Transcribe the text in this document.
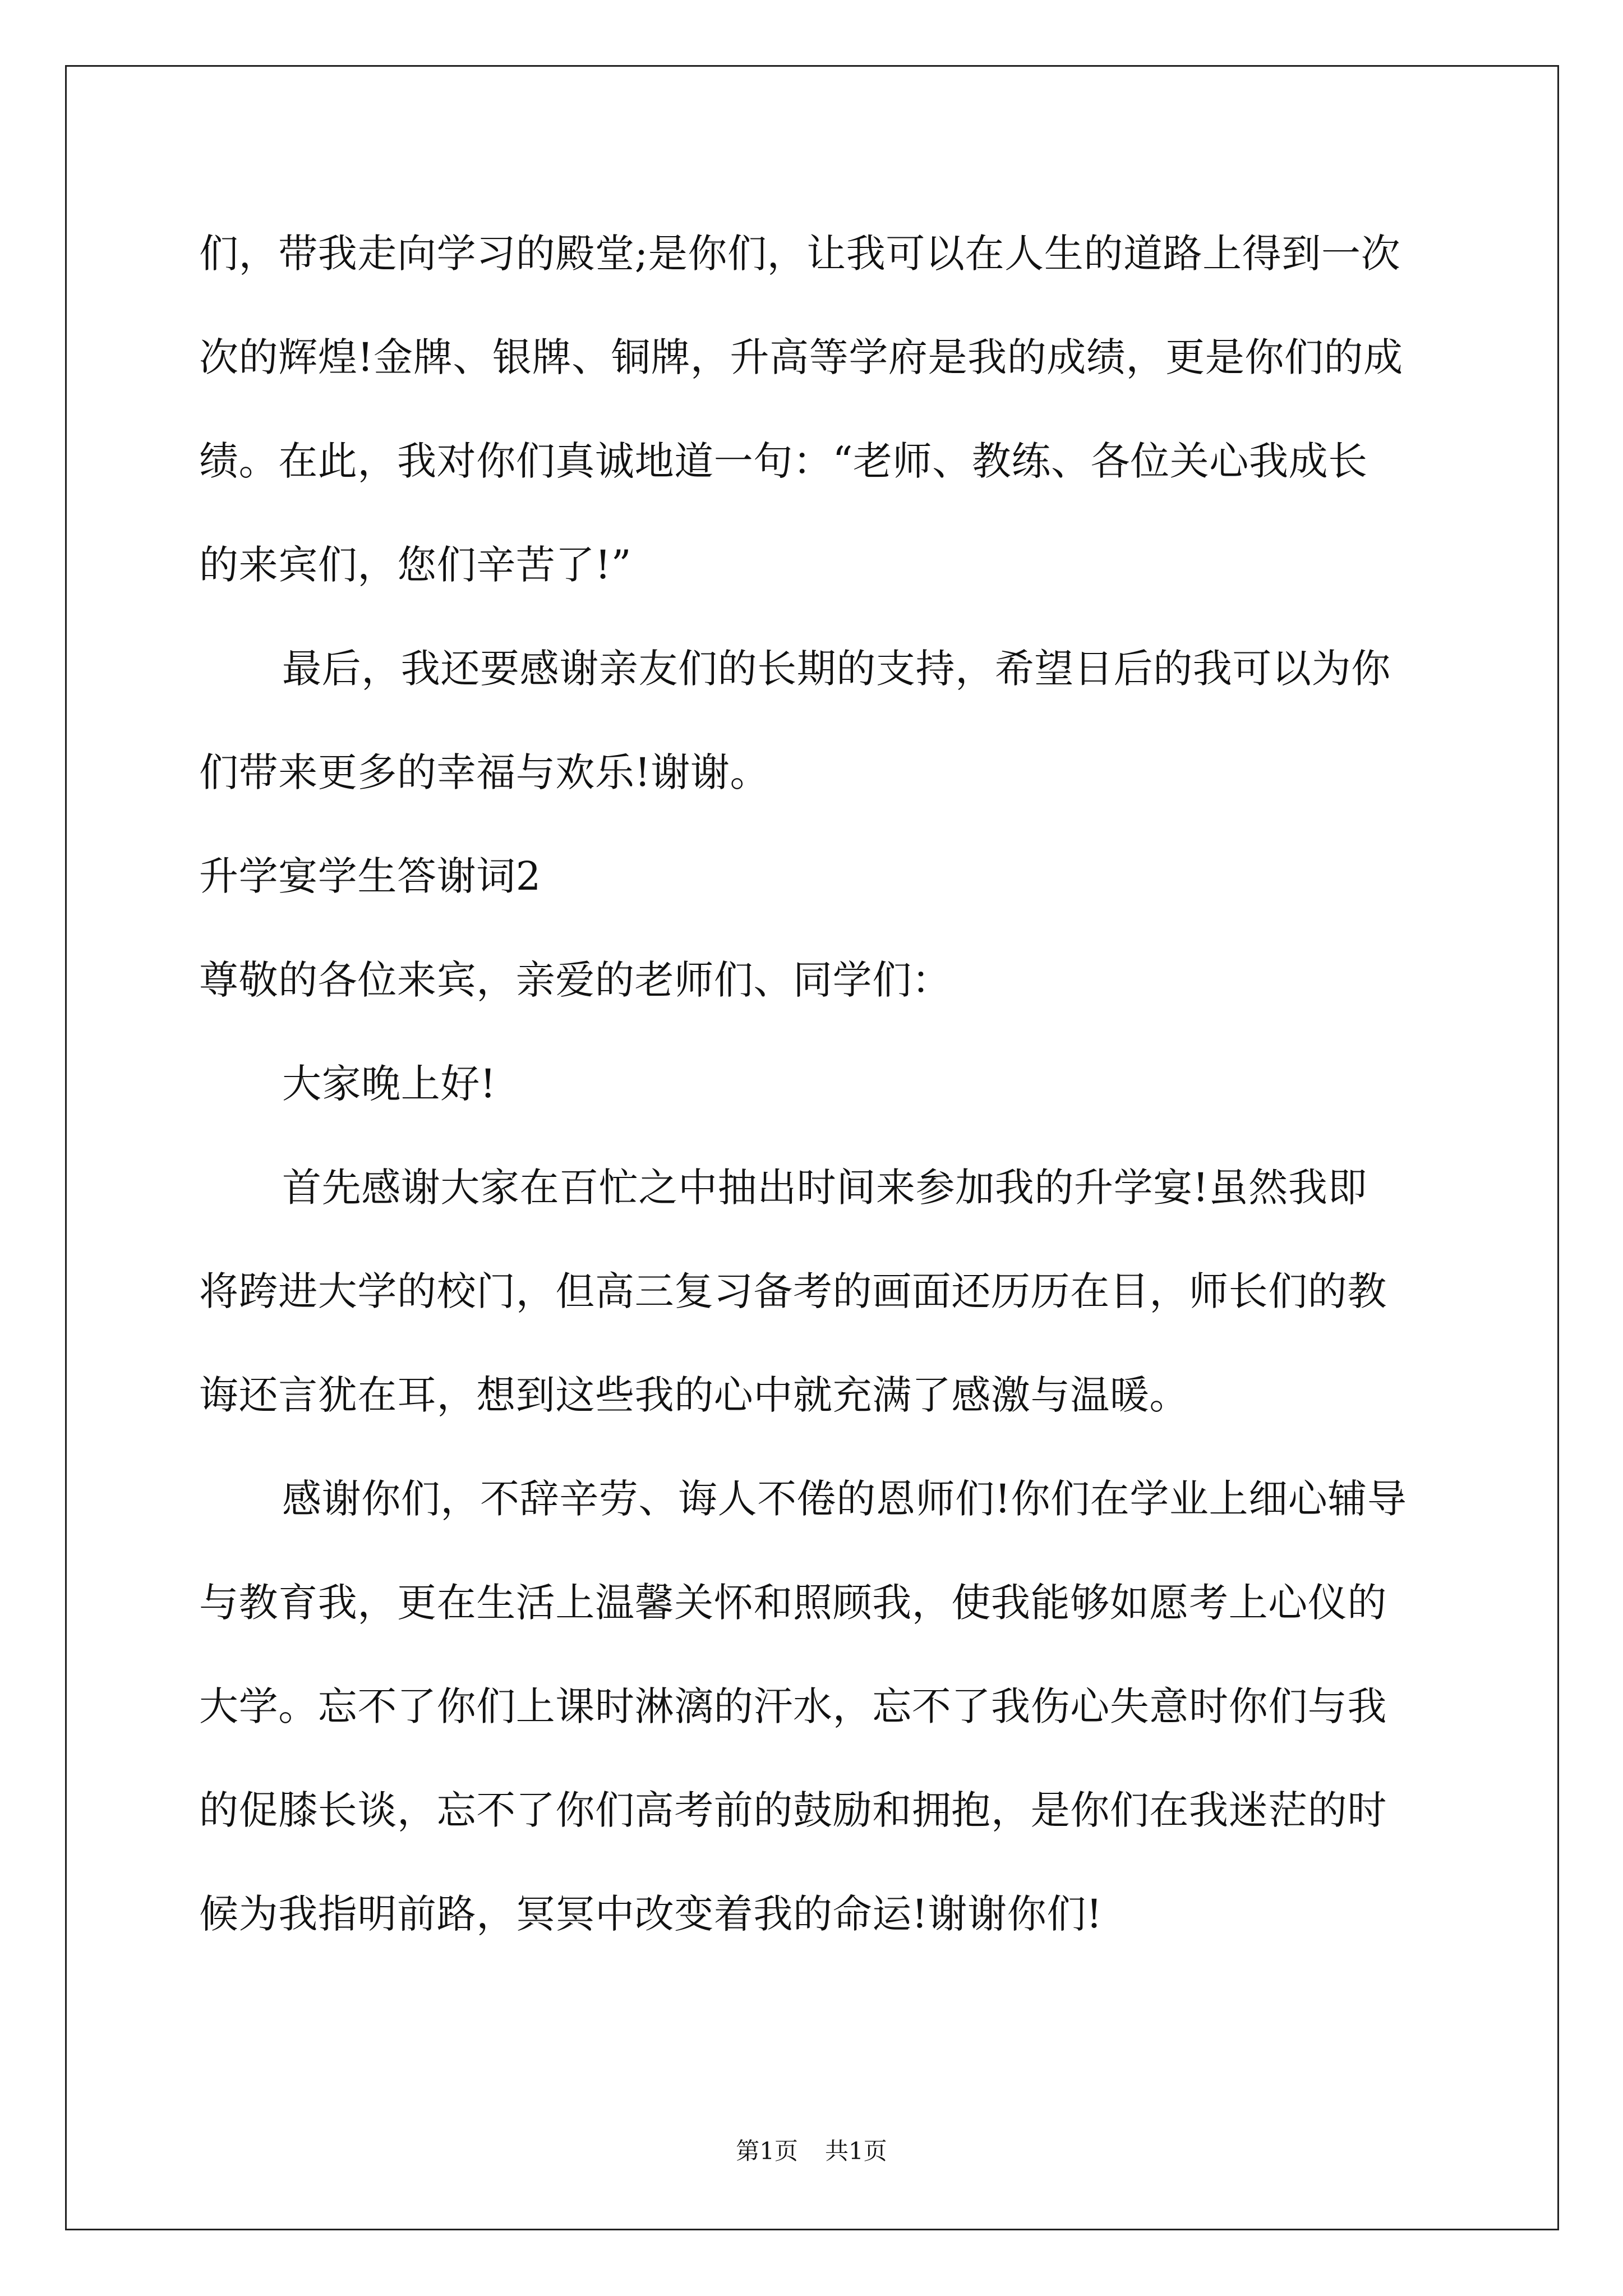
们，带我走向学习的殿堂;是你们，让我可以在人生的道路上得到一次
次的辉煌!金牌、银牌、铜牌，升高等学府是我的成绩，更是你们的成
绩。在此，我对你们真诚地道一句：“老师、教练、各位关心我成长
的来宾们，您们辛苦了!”
最后，我还要感谢亲友们的长期的支持，希望日后的我可以为你
们带来更多的幸福与欢乐!谢谢。
升学宴学生答谢词2
尊敬的各位来宾，亲爱的老师们、同学们：
大家晚上好!
首先感谢大家在百忙之中抽出时间来参加我的升学宴!虽然我即
将跨进大学的校门，但高三复习备考的画面还历历在目，师长们的教
诲还言犹在耳，想到这些我的心中就充满了感激与温暖。
感谢你们，不辞辛劳、诲人不倦的恩师们!你们在学业上细心辅导
与教育我，更在生活上温馨关怀和照顾我，使我能够如愿考上心仪的
大学。忘不了你们上课时淋漓的汗水，忘不了我伤心失意时你们与我
的促膝长谈，忘不了你们高考前的鼓励和拥抱，是你们在我迷茫的时
候为我指明前路，冥冥中改变着我的命运!谢谢你们!
第1页 共1页
